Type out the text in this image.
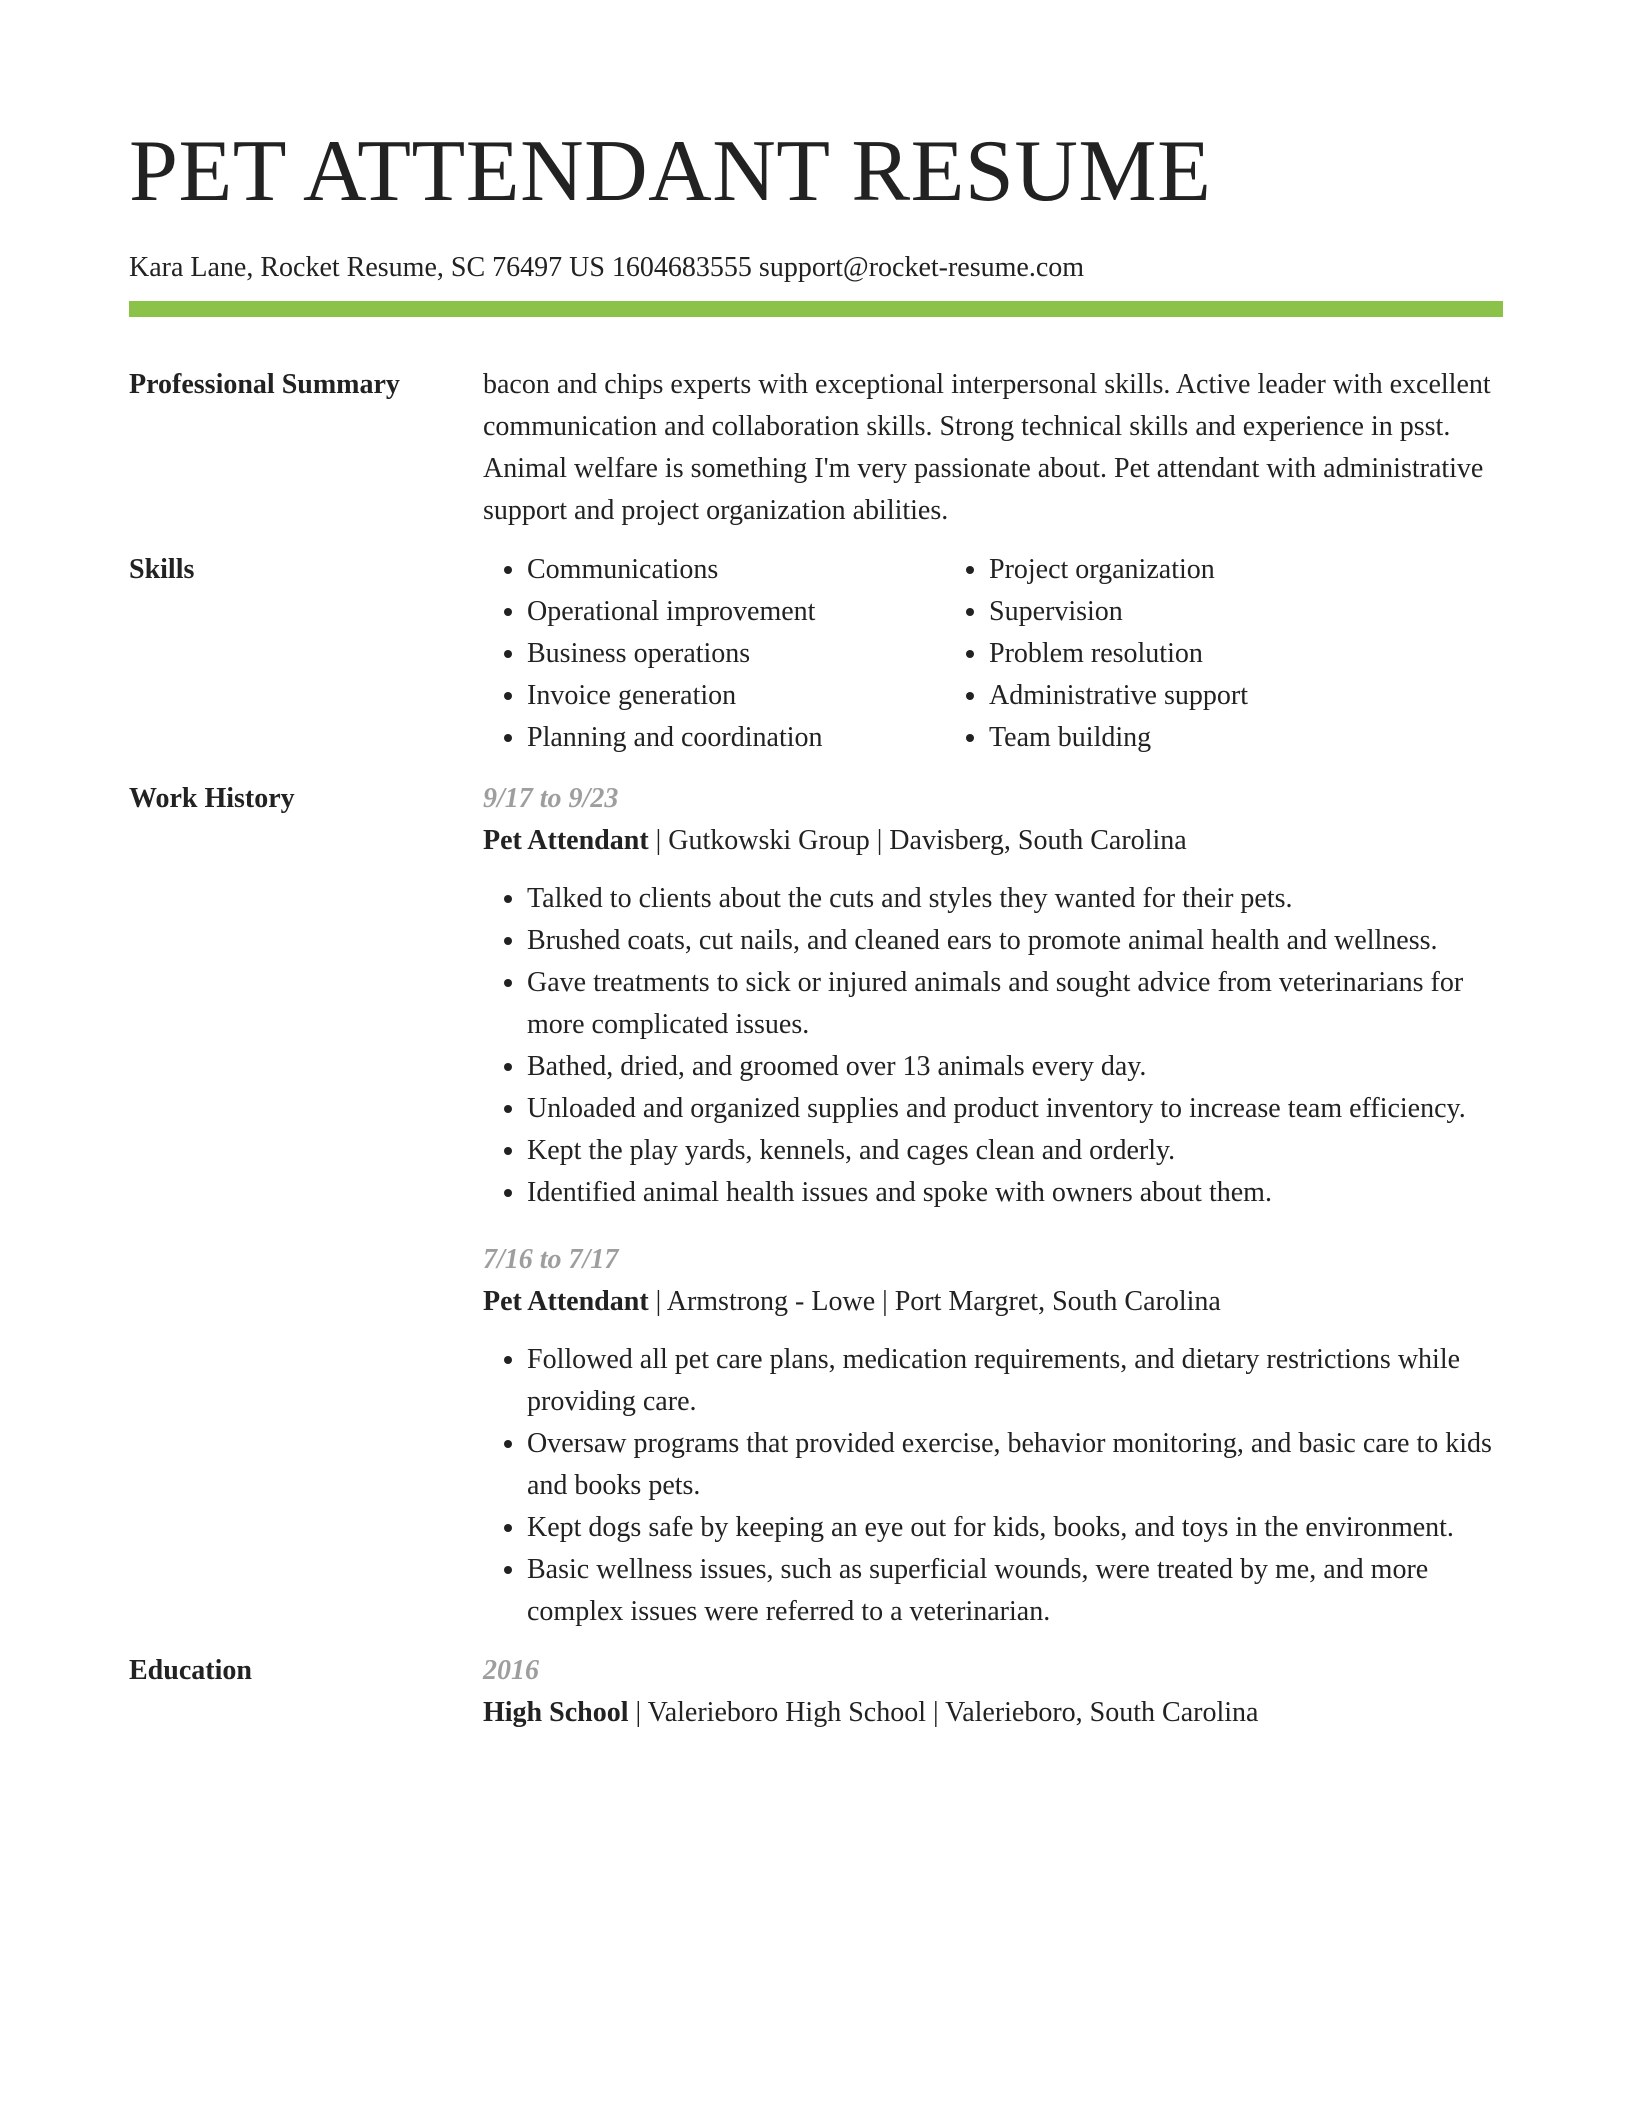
PET ATTENDANT RESUME
Kara Lane, Rocket Resume, SC 76497 US 1604683555 support@rocket-resume.com
Professional Summary	bacon and chips experts with exceptional interpersonal skills. Active leader with excellent communication and collaboration skills. Strong technical skills and experience in psst. Animal welfare is something I'm very passionate about. Pet attendant with administrative support and project organization abilities.

Skills
•	Communications
• Operational improvement
• Business operations
• Invoice generation
• Planning and coordination
• Project organization
• Supervision
• Problem resolution
• Administrative support
• Team building
Work History	9/17 to 9/23

Pet Attendant | Gutkowski Group | Davisberg, South Carolina

• Talked to clients about the cuts and styles they wanted for their pets.
• Brushed coats, cut nails, and cleaned ears to promote animal health and wellness.
• Gave treatments to sick or injured animals and sought advice from veterinarians for more complicated issues.
• Bathed, dried, and groomed over 13 animals every day.
• Unloaded and organized supplies and product inventory to increase team efficiency.
• Kept the play yards, kennels, and cages clean and orderly.
• Identified animal health issues and spoke with owners about them.
7/16 to 7/17

Pet Attendant | Armstrong - Lowe | Port Margret, South Carolina

• Followed all pet care plans, medication requirements, and dietary restrictions while providing care.
• Oversaw programs that provided exercise, behavior monitoring, and basic care to kids and books pets.
• Kept dogs safe by keeping an eye out for kids, books, and toys in the environment.
• Basic wellness issues, such as superficial wounds, were treated by me, and more complex issues were referred to a veterinarian.
Education	2016

High School | Valerieboro High School | Valerieboro, South Carolina
